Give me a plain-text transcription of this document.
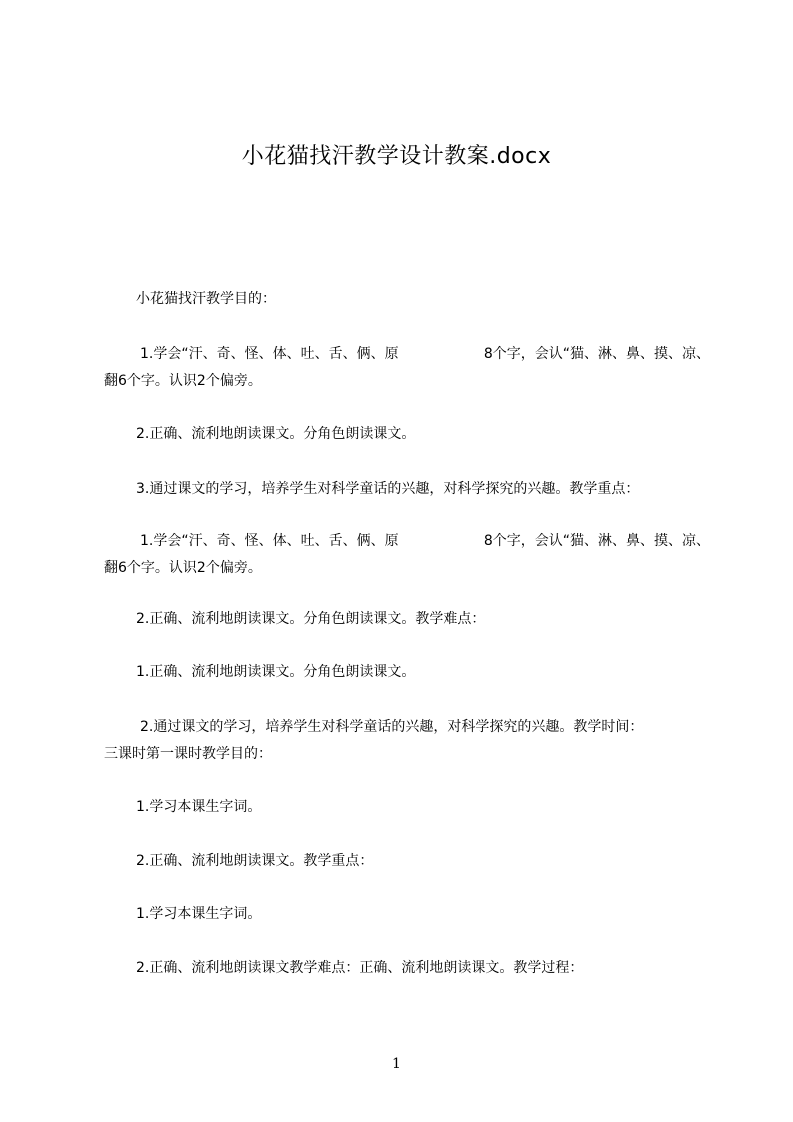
小花猫找汗教学设计教案.docx

小花猫找汗教学目的：

1.学会“汗、奇、怪、体、吐、舌、俩、原	8个字，会认“猫、淋、鼻、摸、凉、
翻6个字。认识2个偏旁。

2.正确、流利地朗读课文。分角色朗读课文。

3.通过课文的学习，培养学生对科学童话的兴趣，对科学探究的兴趣。教学重点：

1.学会“汗、奇、怪、体、吐、舌、俩、原	8个字，会认“猫、淋、鼻、摸、凉、
翻6个字。认识2个偏旁。

2.正确、流利地朗读课文。分角色朗读课文。教学难点：

1.正确、流利地朗读课文。分角色朗读课文。

2.通过课文的学习，培养学生对科学童话的兴趣，对科学探究的兴趣。教学时间：
三课时第一课时教学目的：

1.学习本课生字词。

2.正确、流利地朗读课文。教学重点：

1.学习本课生字词。

2.正确、流利地朗读课文教学难点：正确、流利地朗读课文。教学过程：

1
